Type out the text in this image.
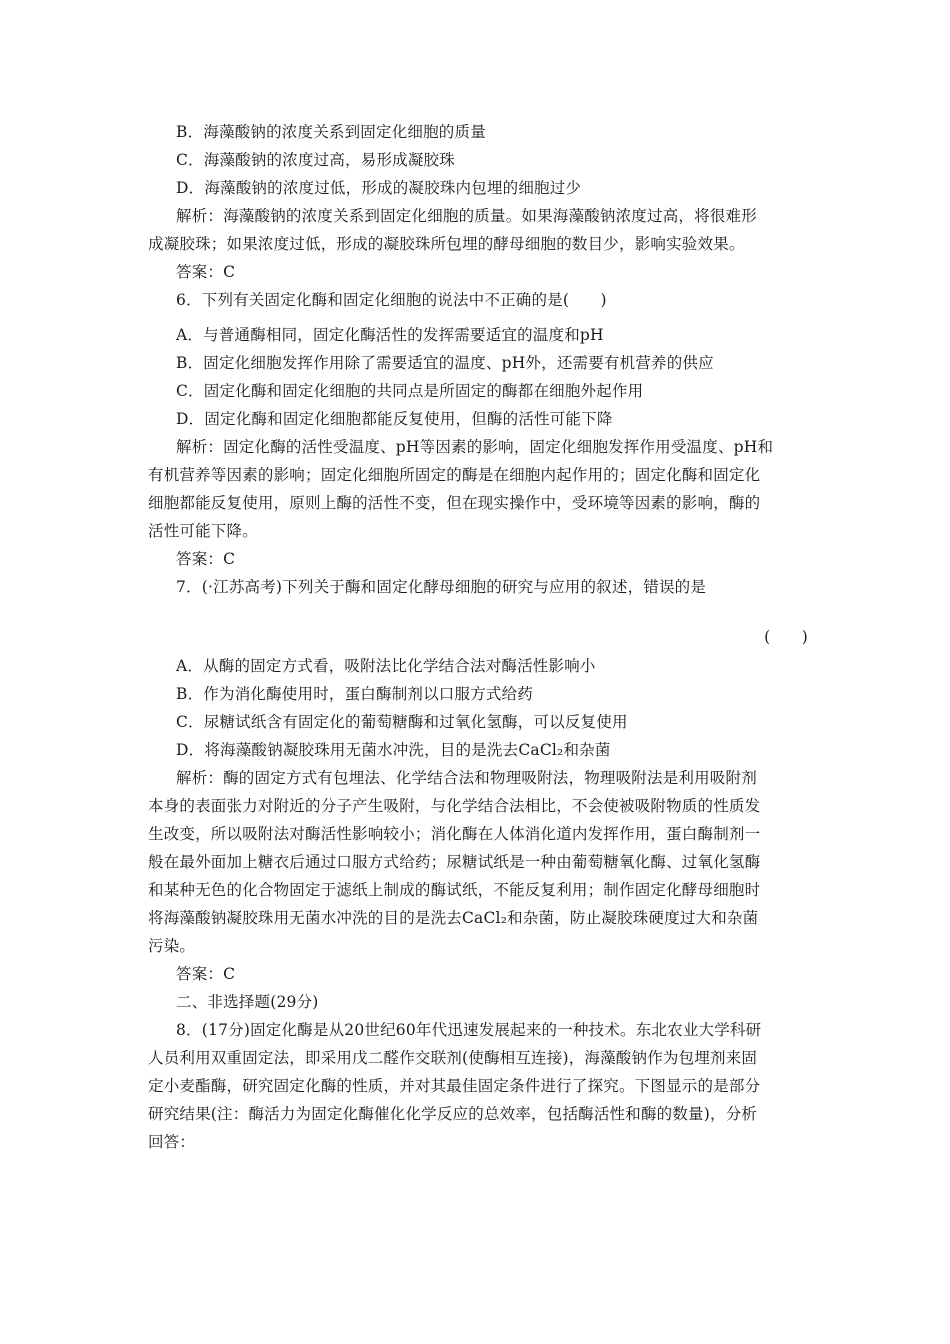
B．海藻酸钠的浓度关系到固定化细胞的质量
C．海藻酸钠的浓度过高，易形成凝胶珠
D．海藻酸钠的浓度过低，形成的凝胶珠内包埋的细胞过少
解析：海藻酸钠的浓度关系到固定化细胞的质量。如果海藻酸钠浓度过高，将很难形
成凝胶珠；如果浓度过低，形成的凝胶珠所包埋的酵母细胞的数目少，影响实验效果。
答案：C
6．下列有关固定化酶和固定化细胞的说法中不正确的是(　　)
A．与普通酶相同，固定化酶活性的发挥需要适宜的温度和pH
B．固定化细胞发挥作用除了需要适宜的温度、pH外，还需要有机营养的供应
C．固定化酶和固定化细胞的共同点是所固定的酶都在细胞外起作用
D．固定化酶和固定化细胞都能反复使用，但酶的活性可能下降
解析：固定化酶的活性受温度、pH等因素的影响，固定化细胞发挥作用受温度、pH和
有机营养等因素的影响；固定化细胞所固定的酶是在细胞内起作用的；固定化酶和固定化
细胞都能反复使用，原则上酶的活性不变，但在现实操作中，受环境等因素的影响，酶的
活性可能下降。
答案：C
7．(·江苏高考)下列关于酶和固定化酵母细胞的研究与应用的叙述，错误的是
(　　)
A．从酶的固定方式看，吸附法比化学结合法对酶活性影响小
B．作为消化酶使用时，蛋白酶制剂以口服方式给药
C．尿糖试纸含有固定化的葡萄糖酶和过氧化氢酶，可以反复使用
D．将海藻酸钠凝胶珠用无菌水冲洗，目的是洗去CaCl₂和杂菌
解析：酶的固定方式有包埋法、化学结合法和物理吸附法，物理吸附法是利用吸附剂
本身的表面张力对附近的分子产生吸附，与化学结合法相比，不会使被吸附物质的性质发
生改变，所以吸附法对酶活性影响较小；消化酶在人体消化道内发挥作用，蛋白酶制剂一
般在最外面加上糖衣后通过口服方式给药；尿糖试纸是一种由葡萄糖氧化酶、过氧化氢酶
和某种无色的化合物固定于滤纸上制成的酶试纸，不能反复利用；制作固定化酵母细胞时
将海藻酸钠凝胶珠用无菌水冲洗的目的是洗去CaCl₂和杂菌，防止凝胶珠硬度过大和杂菌
污染。
答案：C
二、非选择题(29分)
8．(17分)固定化酶是从20世纪60年代迅速发展起来的一种技术。东北农业大学科研
人员利用双重固定法，即采用戊二醛作交联剂(使酶相互连接)，海藻酸钠作为包埋剂来固
定小麦酯酶，研究固定化酶的性质，并对其最佳固定条件进行了探究。下图显示的是部分
研究结果(注：酶活力为固定化酶催化化学反应的总效率，包括酶活性和酶的数量)，分析
回答：
